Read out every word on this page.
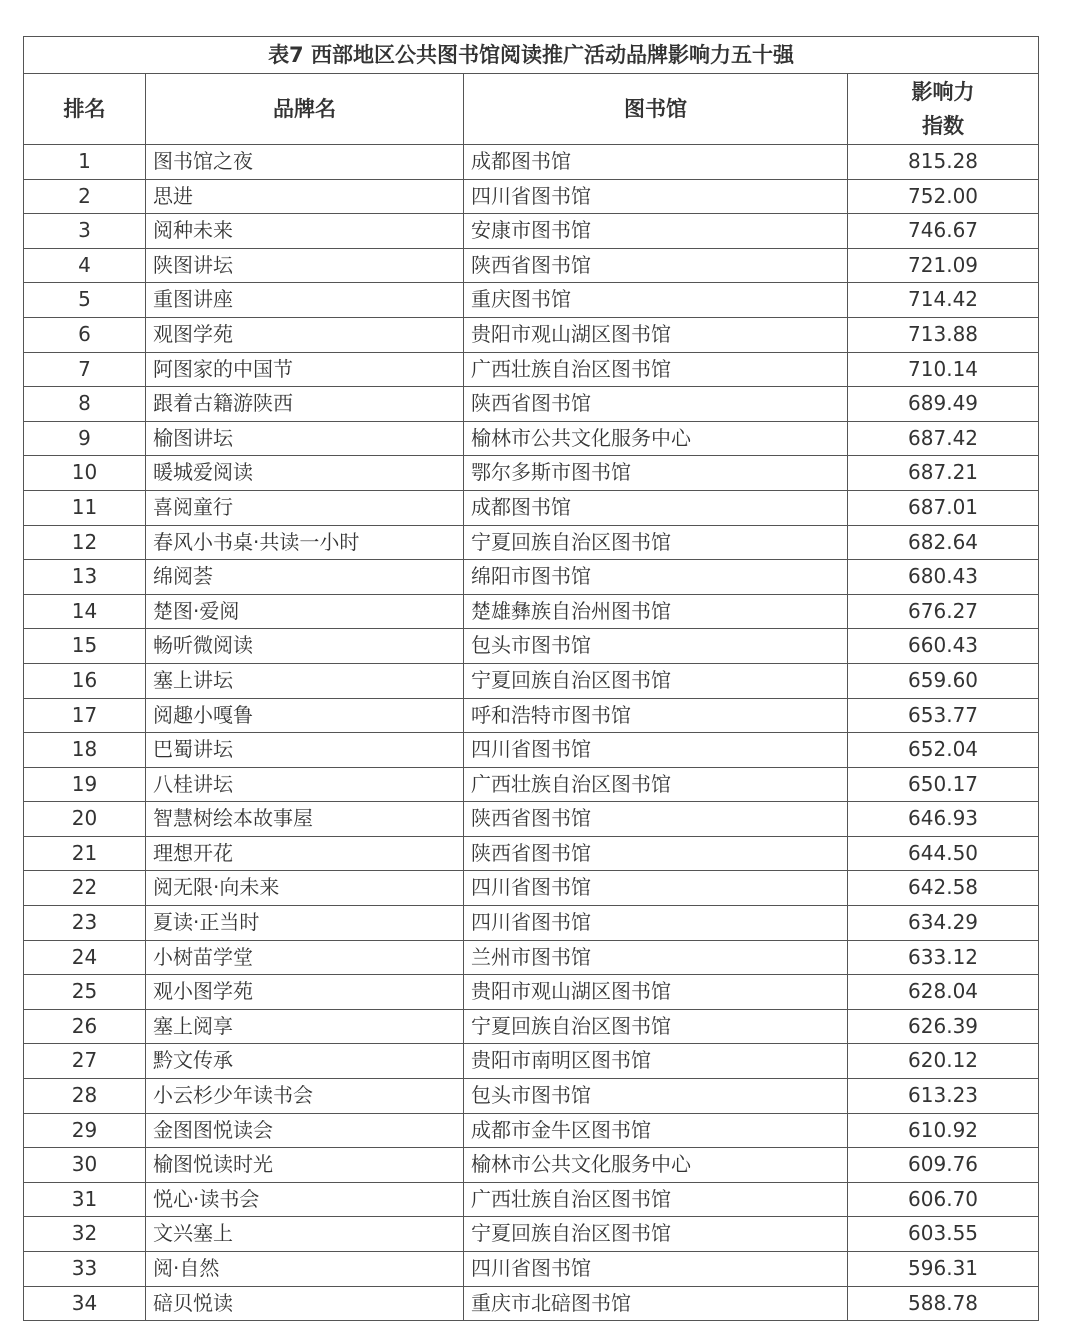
表7 西部地区公共图书馆阅读推广活动品牌影响力五十强			
排名	品牌名	图书馆	影响力
指数

1	图书馆之夜	成都图书馆	815.28
2	思进	四川省图书馆	752.00
3	阅种未来	安康市图书馆	746.67
4	陕图讲坛	陕西省图书馆	721.09
5	重图讲座	重庆图书馆	714.42
6	观图学苑	贵阳市观山湖区图书馆	713.88
7	阿图家的中国节	广西壮族自治区图书馆	710.14
8	跟着古籍游陕西	陕西省图书馆	689.49
9	榆图讲坛	榆林市公共文化服务中心	687.42
10	暖城爱阅读	鄂尔多斯市图书馆	687.21
11	喜阅童行	成都图书馆	687.01
12	春风小书桌·共读一小时	宁夏回族自治区图书馆	682.64
13	绵阅荟	绵阳市图书馆	680.43
14	楚图·爱阅	楚雄彝族自治州图书馆	676.27
15	畅听微阅读	包头市图书馆	660.43
16	塞上讲坛	宁夏回族自治区图书馆	659.60
17	阅趣小嘎鲁	呼和浩特市图书馆	653.77
18	巴蜀讲坛	四川省图书馆	652.04
19	八桂讲坛	广西壮族自治区图书馆	650.17
20	智慧树绘本故事屋	陕西省图书馆	646.93
21	理想开花	陕西省图书馆	644.50
22	阅无限·向未来	四川省图书馆	642.58
23	夏读·正当时	四川省图书馆	634.29
24	小树苗学堂	兰州市图书馆	633.12
25	观小图学苑	贵阳市观山湖区图书馆	628.04
26	塞上阅享	宁夏回族自治区图书馆	626.39
27	黔文传承	贵阳市南明区图书馆	620.12
28	小云杉少年读书会	包头市图书馆	613.23
29	金图图悦读会	成都市金牛区图书馆	610.92
30	榆图悦读时光	榆林市公共文化服务中心	609.76
31	悦心·读书会	广西壮族自治区图书馆	606.70
32	文兴塞上	宁夏回族自治区图书馆	603.55
33	阅·自然	四川省图书馆	596.31
34	碚贝悦读	重庆市北碚图书馆	588.78
